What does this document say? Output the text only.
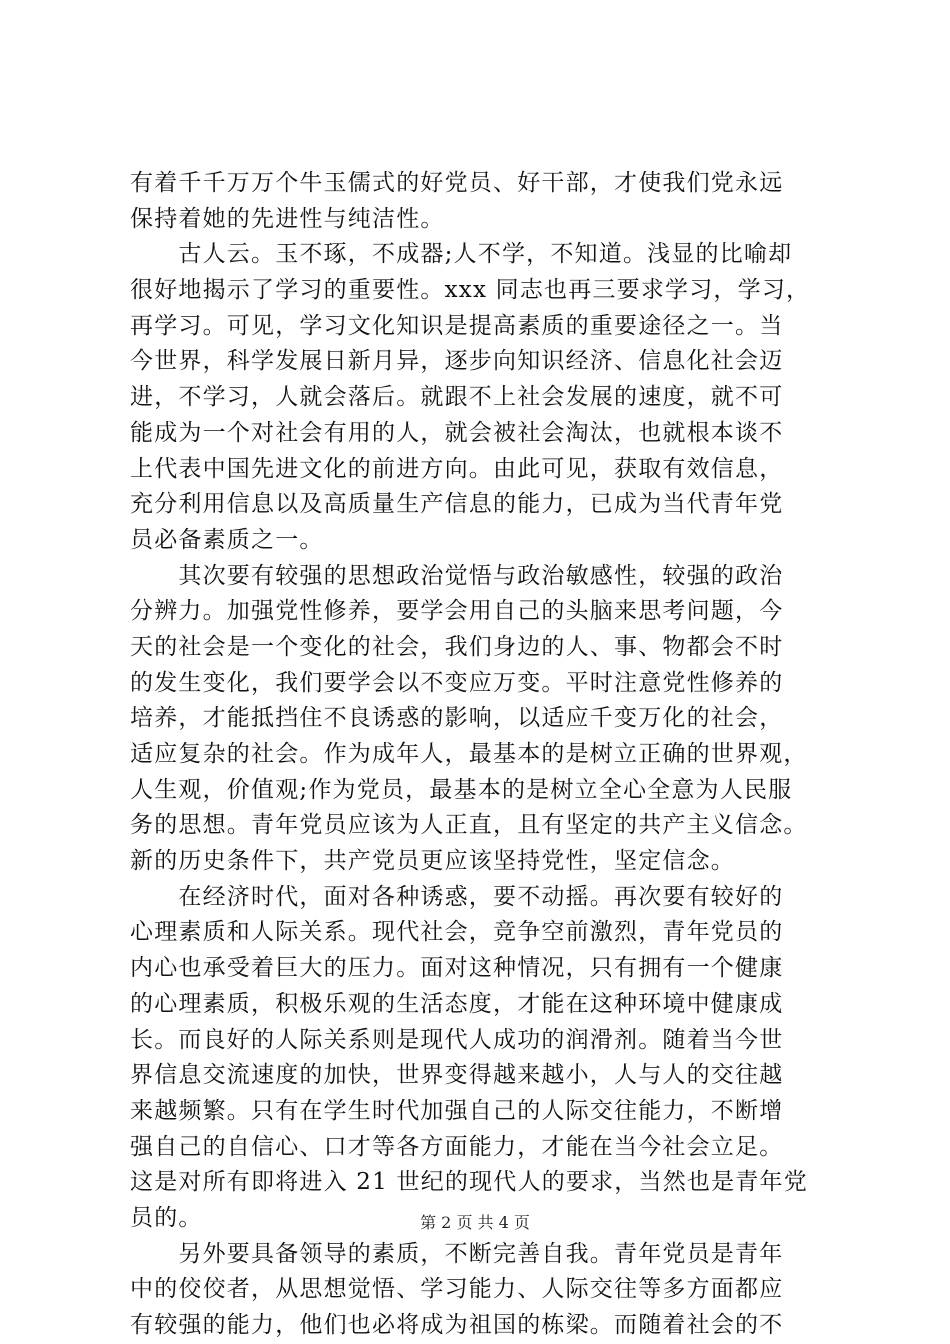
有着千千万万个牛玉儒式的好党员、好干部，才使我们党永远
保持着她的先进性与纯洁性。
　　古人云。玉不琢，不成器;人不学，不知道。浅显的比喻却
很好地揭示了学习的重要性。xxx 同志也再三要求学习，学习，
再学习。可见，学习文化知识是提高素质的重要途径之一。当
今世界，科学发展日新月异，逐步向知识经济、信息化社会迈
进，不学习，人就会落后。就跟不上社会发展的速度，就不可
能成为一个对社会有用的人，就会被社会淘汰，也就根本谈不
上代表中国先进文化的前进方向。由此可见，获取有效信息，
充分利用信息以及高质量生产信息的能力，已成为当代青年党
员必备素质之一。
　　其次要有较强的思想政治觉悟与政治敏感性，较强的政治
分辨力。加强党性修养，要学会用自己的头脑来思考问题，今
天的社会是一个变化的社会，我们身边的人、事、物都会不时
的发生变化，我们要学会以不变应万变。平时注意党性修养的
培养，才能抵挡住不良诱惑的影响，以适应千变万化的社会，
适应复杂的社会。作为成年人，最基本的是树立正确的世界观，
人生观，价值观;作为党员，最基本的是树立全心全意为人民服
务的思想。青年党员应该为人正直，且有坚定的共产主义信念。
新的历史条件下，共产党员更应该坚持党性，坚定信念。
　　在经济时代，面对各种诱惑，要不动摇。再次要有较好的
心理素质和人际关系。现代社会，竞争空前激烈，青年党员的
内心也承受着巨大的压力。面对这种情况，只有拥有一个健康
的心理素质，积极乐观的生活态度，才能在这种环境中健康成
长。而良好的人际关系则是现代人成功的润滑剂。随着当今世
界信息交流速度的加快，世界变得越来越小，人与人的交往越
来越频繁。只有在学生时代加强自己的人际交往能力，不断增
强自己的自信心、口才等各方面能力，才能在当今社会立足。
这是对所有即将进入 21 世纪的现代人的要求，当然也是青年党
员的。
　　另外要具备领导的素质，不断完善自我。青年党员是青年
中的佼佼者，从思想觉悟、学习能力、人际交往等多方面都应
有较强的能力，他们也必将成为祖国的栋梁。而随着社会的不
第 2 页 共 4 页
